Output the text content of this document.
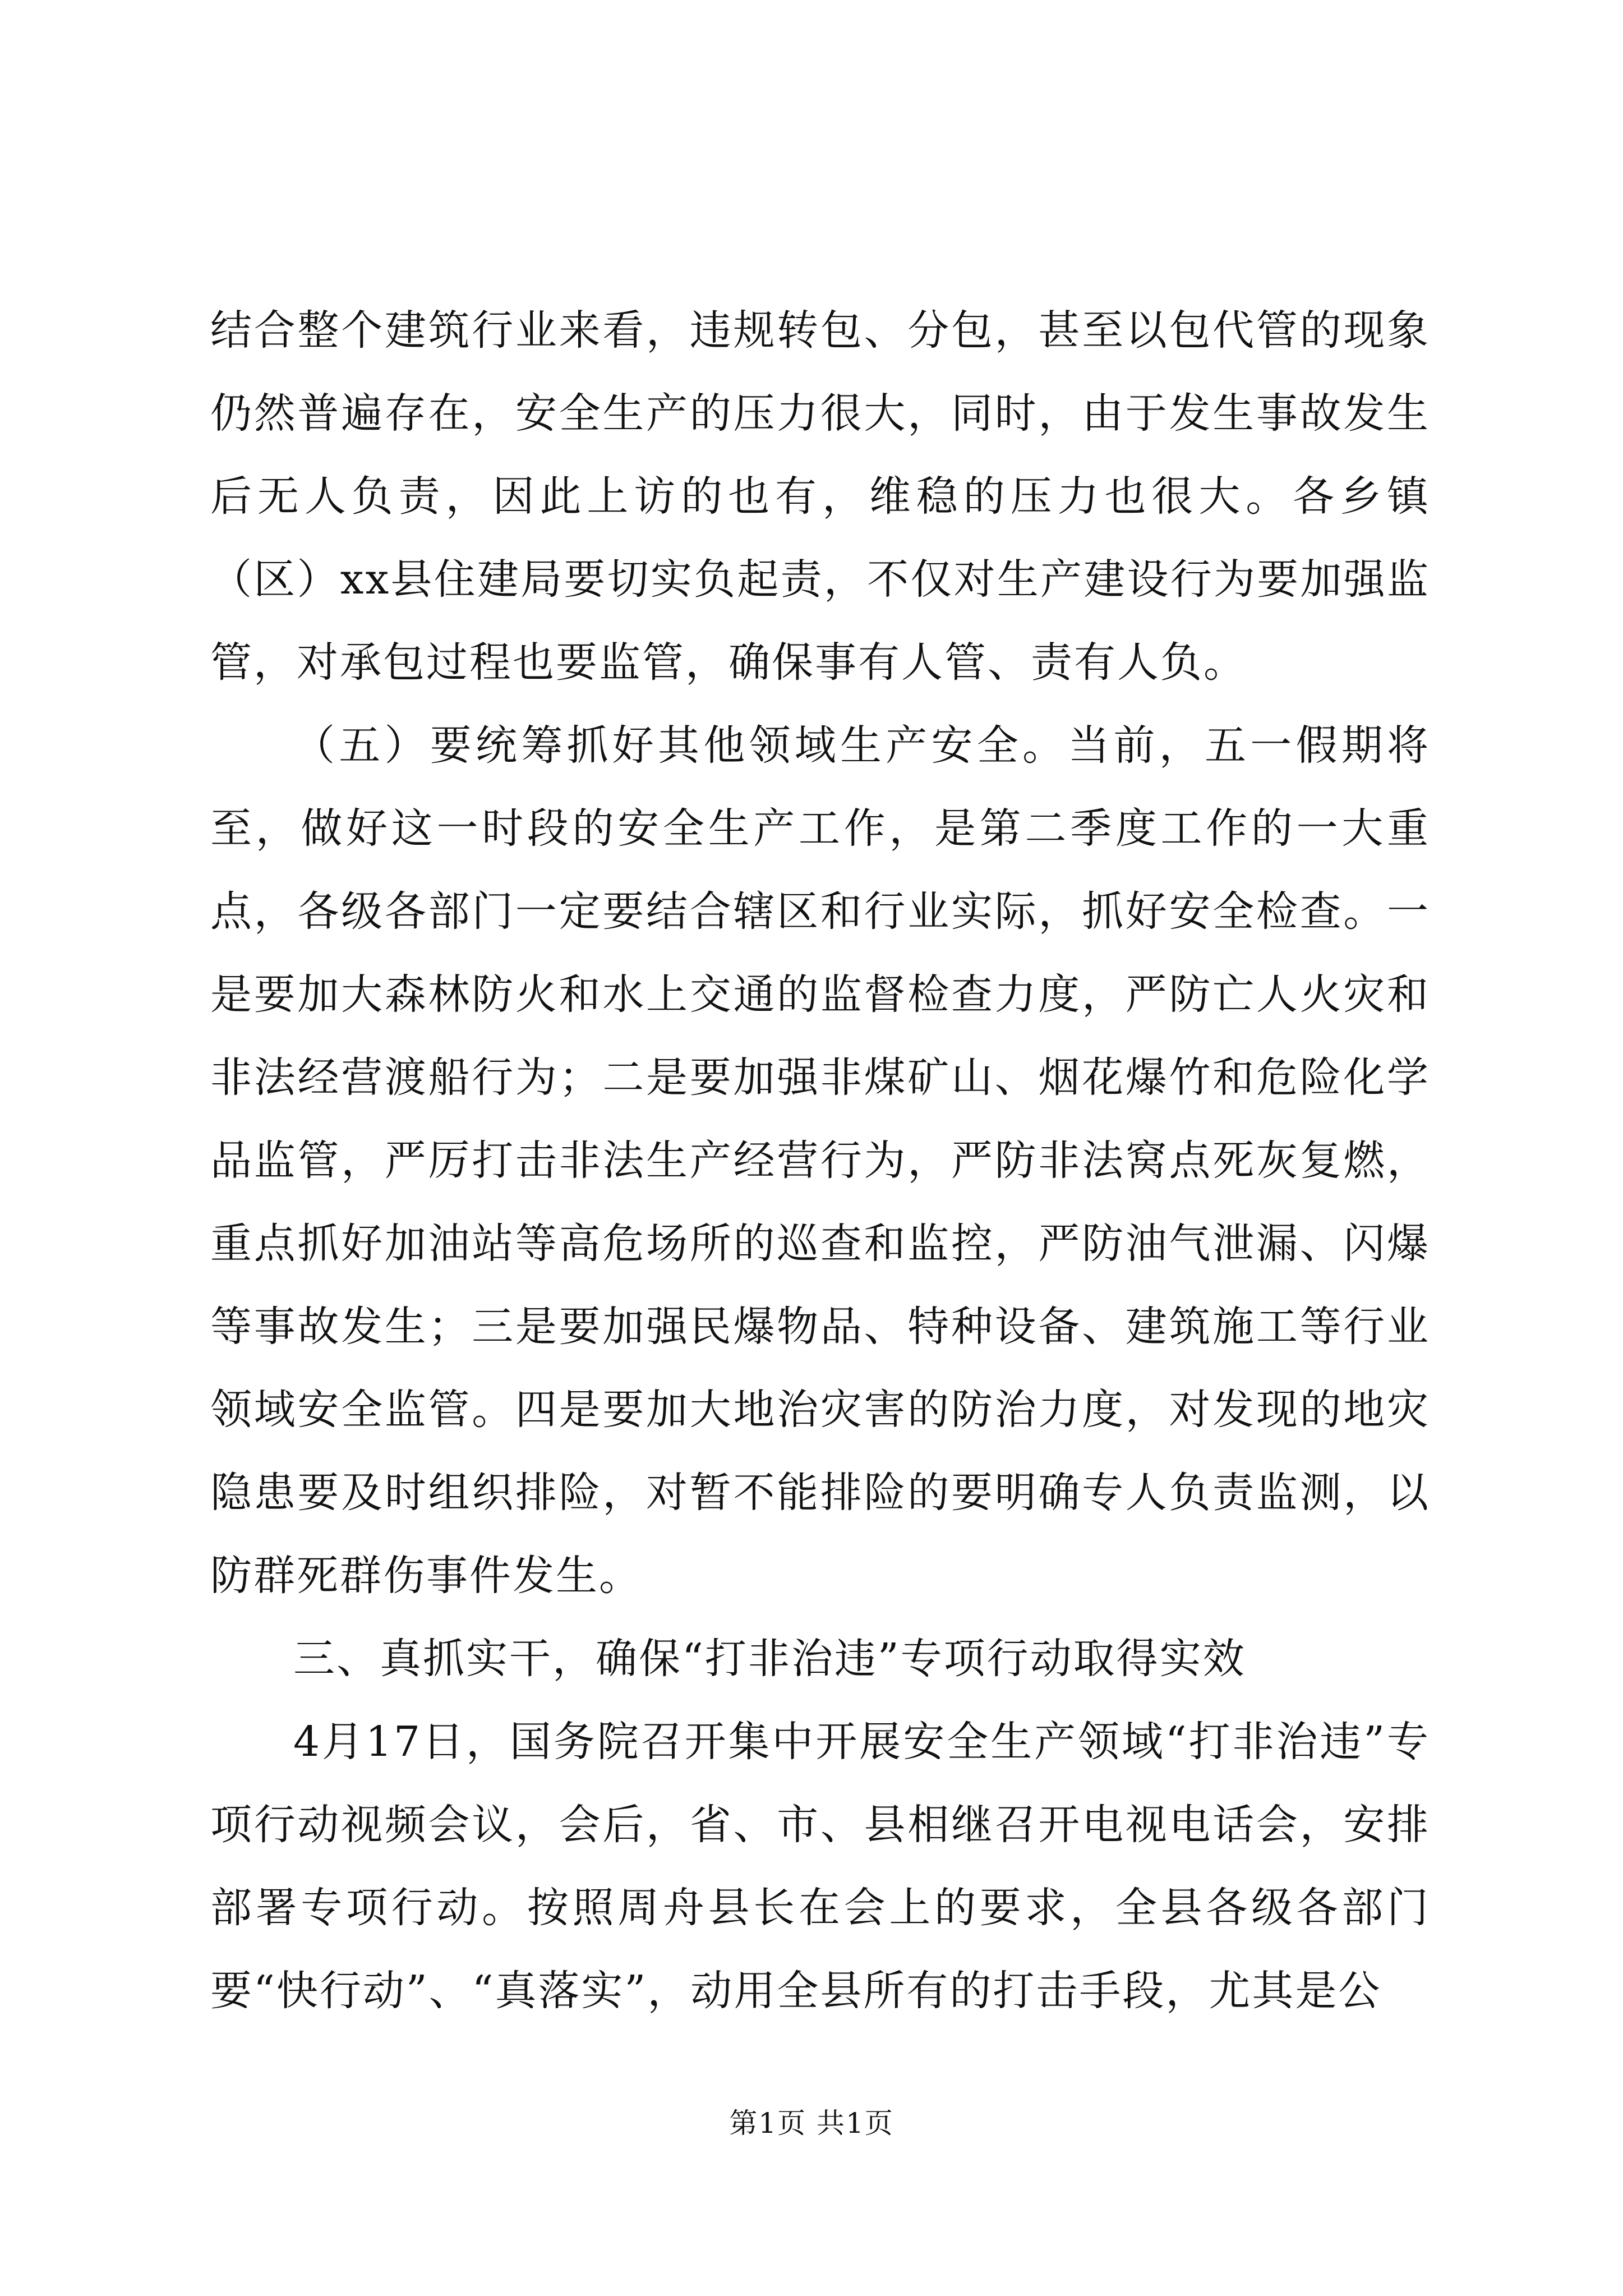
结合整个建筑行业来看，违规转包、分包，甚至以包代管的现象仍然普遍存在，安全生产的压力很大，同时，由于发生事故发生后无人负责，因此上访的也有，维稳的压力也很大。各乡镇（区）xx县住建局要切实负起责，不仅对生产建设行为要加强监管，对承包过程也要监管，确保事有人管、责有人负。

（五）要统筹抓好其他领域生产安全。当前，五一假期将至，做好这一时段的安全生产工作，是第二季度工作的一大重点，各级各部门一定要结合辖区和行业实际，抓好安全检查。一是要加大森林防火和水上交通的监督检查力度，严防亡人火灾和非法经营渡船行为；二是要加强非煤矿山、烟花爆竹和危险化学品监管，严厉打击非法生产经营行为，严防非法窝点死灰复燃，重点抓好加油站等高危场所的巡查和监控，严防油气泄漏、闪爆等事故发生；三是要加强民爆物品、特种设备、建筑施工等行业领域安全监管。四是要加大地治灾害的防治力度，对发现的地灾隐患要及时组织排险，对暂不能排险的要明确专人负责监测，以防群死群伤事件发生。

三、真抓实干，确保“打非治违”专项行动取得实效

4月17日，国务院召开集中开展安全生产领域“打非治违”专项行动视频会议，会后，省、市、县相继召开电视电话会，安排部署专项行动。按照周舟县长在会上的要求，全县各级各部门要“快行动”、“真落实”，动用全县所有的打击手段，尤其是公

第1页 共1页
